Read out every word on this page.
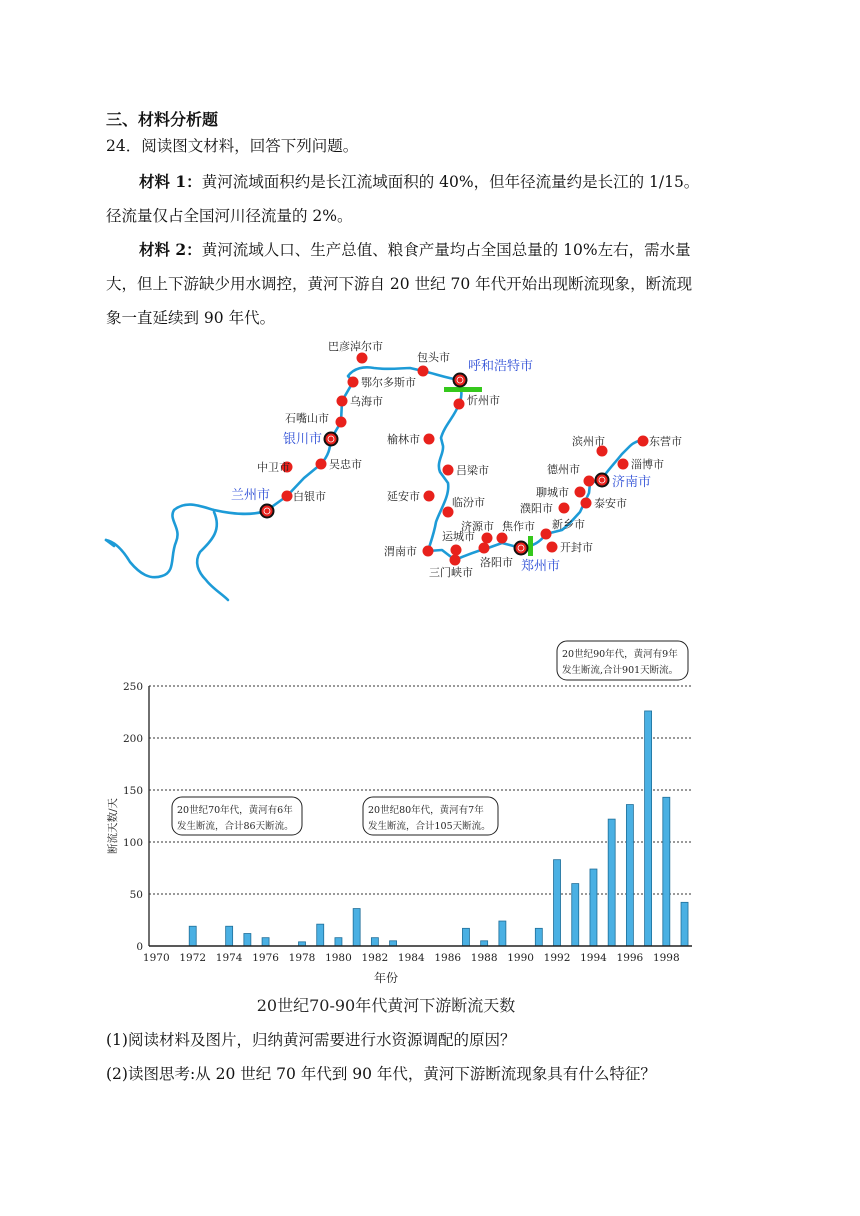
三、材料分析题
24．阅读图文材料，回答下列问题。
材料 1：黄河流域面积约是长江流域面积的 40%，但年径流量约是长江的 1/15。
径流量仅占全国河川径流量的 2%。
材料 2：黄河流域人口、生产总值、粮食产量均占全国总量的 10%左右，需水量
大，但上下游缺少用水调控，黄河下游自 20 世纪 70 年代开始出现断流现象，断流现
象一直延续到 90 年代。
巴彦淖尔市
包头市
鄂尔多斯市
乌海市
石嘴山市
忻州市
榆林市
吕梁市
延安市	临汾市
中卫市	吴忠市
白银市
济源市 焦作市
运城市
渭南市
三门峡市
洛阳市
新乡市
开封市
濮阳市
聊城市
德州市
泰安市
滨州市
淄博市
东营市
兰州市
银川市
呼和浩特市
郑州市
济南市
0
50
100
150
200
250
1970 1972 1974 1976 1978 1980 1982 1984 1986 1988 1990 1992 1994 1996 1998
断流天数/天
年份
20世纪70-90年代黄河下游断流天数
20世纪70年代，黄河有6年
发生断流，合计86天断流。
20世纪80年代，黄河有7年
发生断流，合计105天断流。
20世纪90年代，黄河有9年
发生断流,合计901天断流。
(1)阅读材料及图片，归纳黄河需要进行水资源调配的原因？
(2)读图思考:从 20 世纪 70 年代到 90 年代，黄河下游断流现象具有什么特征？
